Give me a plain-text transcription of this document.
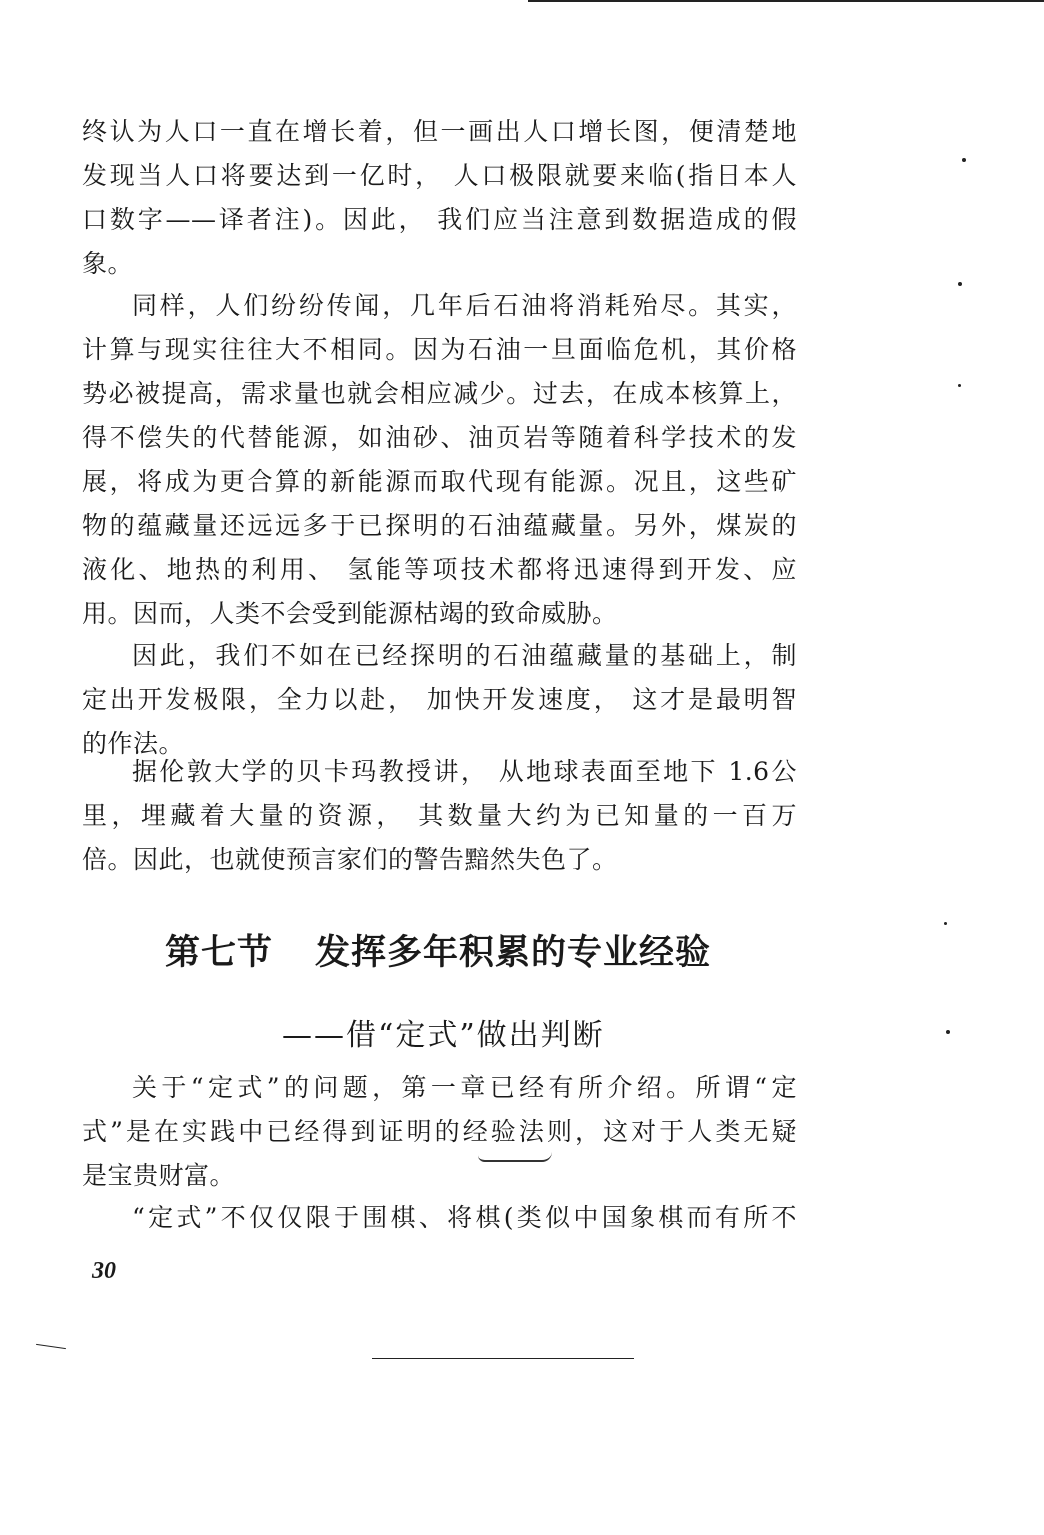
终认为人口一直在增长着，但一画出人口增长图，便清楚地
发现当人口将要达到一亿时， 人口极限就要来临(指日本人
口数字——译者注)。因此， 我们应当注意到数据造成的假
象。
同样，人们纷纷传闻，几年后石油将消耗殆尽。其实，
计算与现实往往大不相同。因为石油一旦面临危机，其价格
势必被提高，需求量也就会相应减少。过去，在成本核算上，
得不偿失的代替能源，如油砂、油页岩等随着科学技术的发
展，将成为更合算的新能源而取代现有能源。况且，这些矿
物的蕴藏量还远远多于已探明的石油蕴藏量。另外，煤炭的
液化、地热的利用、 氢能等项技术都将迅速得到开发、应
用。因而，人类不会受到能源枯竭的致命威胁。
因此，我们不如在已经探明的石油蕴藏量的基础上，制
定出开发极限，全力以赴， 加快开发速度， 这才是最明智
的作法。
据伦敦大学的贝卡玛教授讲， 从地球表面至地下 1.6公
里，埋藏着大量的资源， 其数量大约为已知量的一百万
倍。因此，也就使预言家们的警告黯然失色了。
第七节 发挥多年积累的专业经验
——借“定式”做出判断
关于“定式”的问题，第一章已经有所介绍。所谓“定
式”是在实践中已经得到证明的经验法则，这对于人类无疑
是宝贵财富。
“定式”不仅仅限于围棋、将棋(类似中国象棋而有所不
30
